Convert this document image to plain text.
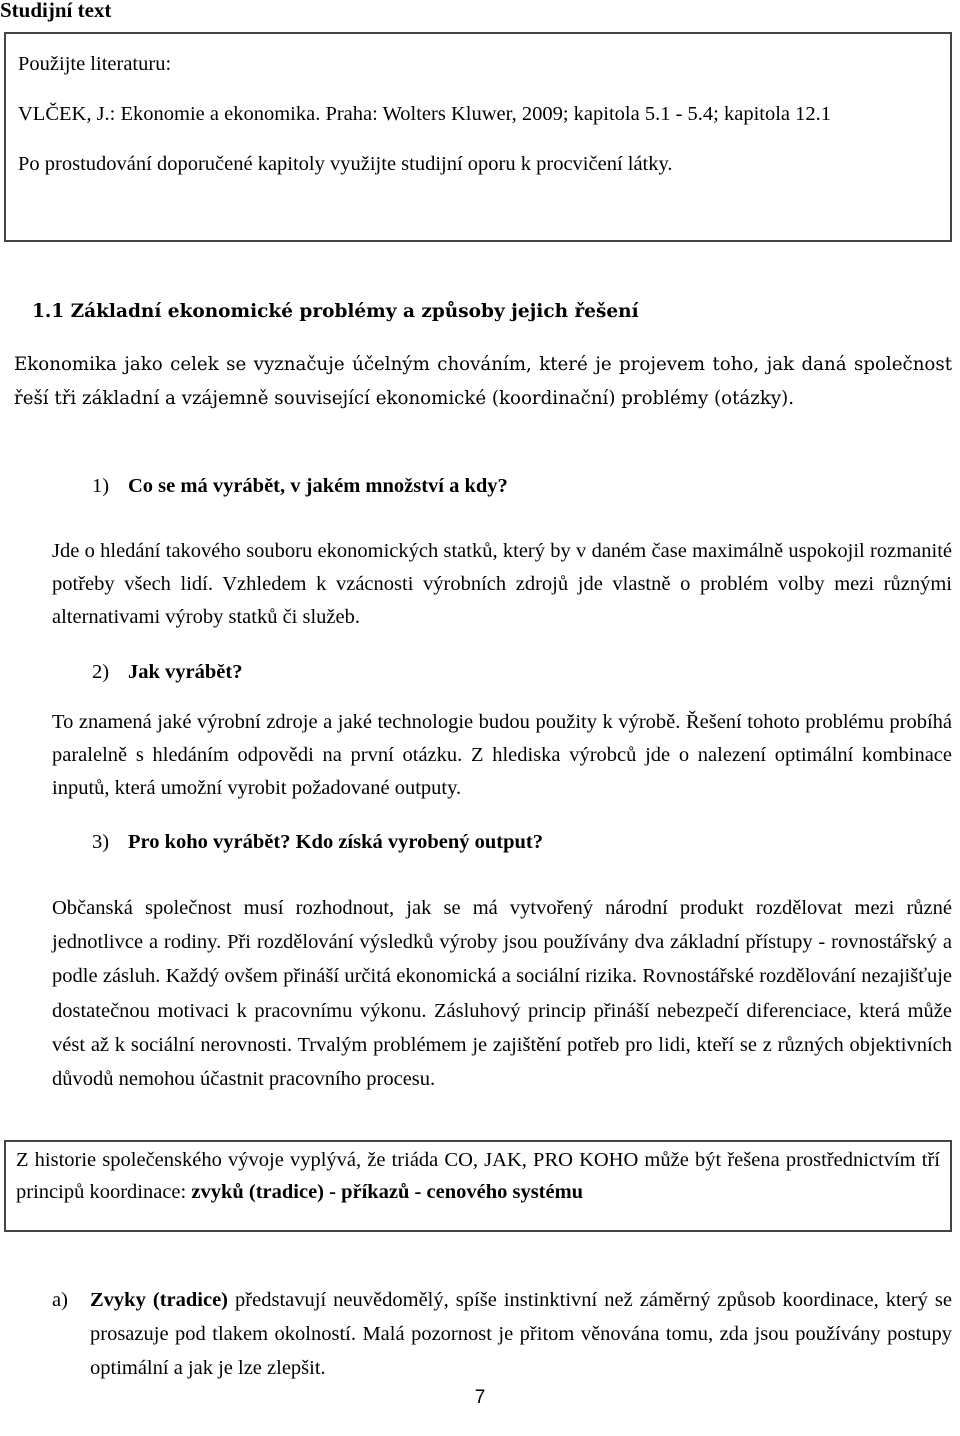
Studijní text

Použijte literaturu:

VLČEK, J.: Ekonomie a ekonomika. Praha: Wolters Kluwer, 2009; kapitola 5.1 - 5.4; kapitola 12.1

Po prostudování doporučené kapitoly využijte studijní oporu k procvičení látky.

1.1 Základní ekonomické problémy a způsoby jejich řešení

Ekonomika jako celek se vyznačuje účelným chováním, které je projevem toho, jak daná společnost řeší tři základní a vzájemně související ekonomické (koordinační) problémy (otázky).

1) Co se má vyrábět, v jakém množství a kdy?

Jde o hledání takového souboru ekonomických statků, který by v daném čase maximálně uspokojil rozmanité potřeby všech lidí. Vzhledem k vzácnosti výrobních zdrojů jde vlastně o problém volby mezi různými alternativami výroby statků či služeb.

2) Jak vyrábět?

To znamená jaké výrobní zdroje a jaké technologie budou použity k výrobě. Řešení tohoto problému probíhá paralelně s hledáním odpovědi na první otázku. Z hlediska výrobců jde o nalezení optimální kombinace inputů, která umožní vyrobit požadované outputy.

3) Pro koho vyrábět? Kdo získá vyrobený output?

Občanská společnost musí rozhodnout, jak se má vytvořený národní produkt rozdělovat mezi různé jednotlivce a rodiny. Při rozdělování výsledků výroby jsou používány dva základní přístupy - rovnostářský a podle zásluh. Každý ovšem přináší určitá ekonomická a sociální rizika. Rovnostářské rozdělování nezajišťuje dostatečnou motivaci k pracovnímu výkonu. Zásluhový princip přináší nebezpečí diferenciace, která může vést až k sociální nerovnosti. Trvalým problémem je zajištění potřeb pro lidi, kteří se z různých objektivních důvodů nemohou účastnit pracovního procesu.

Z historie společenského vývoje vyplývá, že triáda CO, JAK, PRO KOHO může být řešena prostřednictvím tří principů koordinace: zvyků (tradice) - příkazů - cenového systému

a)	Zvyky (tradice) představují neuvědomělý, spíše instinktivní než záměrný způsob koordinace, který se prosazuje pod tlakem okolností. Malá pozornost je přitom věnována tomu, zda jsou používány postupy optimální a jak je lze zlepšit.
7
